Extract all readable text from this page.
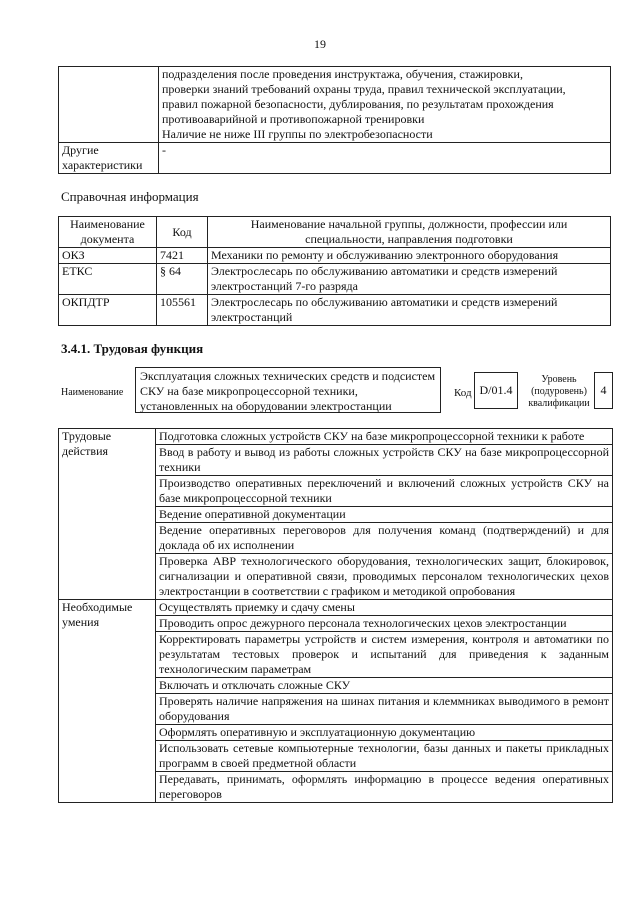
19

	подразделения после проведения инструктажа, обучения, стажировки,
проверки знаний требований охраны труда, правил технической эксплуатации,
правил пожарной безопасности, дублирования, по результатам прохождения
противоаварийной и противопожарной тренировки
Наличие не ниже III группы по электробезопасности

Другие характеристики	-
Справочная информация
Наименование документа	Код	Наименование начальной группы, должности, профессии или специальности, направления подготовки
ОКЗ	7421	Механики по ремонту и обслуживанию электронного оборудования
ЕТКС	§ 64	Электрослесарь по обслуживанию автоматики и средств измерений электростанций 7-го разряда
ОКПДТР	105561	Электрослесарь по обслуживанию автоматики и средств измерений электростанций
3.4.1. Трудовая функция
Наименование
Эксплуатация сложных технических средств и подсистем СКУ на базе микропроцессорной техники, установленных на оборудовании электростанции
Код D/01.4
Уровень (подуровень) квалификации
4
Трудовые действия	Подготовка сложных устройств СКУ на базе микропроцессорной техники к работе
	Ввод в работу и вывод из работы сложных устройств СКУ на базе микропроцессорной техники
	Производство оперативных переключений и включений сложных устройств СКУ на базе микропроцессорной техники
	Ведение оперативной документации
	Ведение оперативных переговоров для получения команд (подтверждений) и для доклада об их исполнении
	Проверка АВР технологического оборудования, технологических защит, блокировок, сигнализации и оперативной связи, проводимых персоналом технологических цехов электростанции в соответствии с графиком и методикой опробования
Необходимые умения	Осуществлять приемку и сдачу смены
	Проводить опрос дежурного персонала технологических цехов электростанции
	Корректировать параметры устройств и систем измерения, контроля и автоматики по результатам тестовых проверок и испытаний для приведения к заданным технологическим параметрам
	Включать и отключать сложные СКУ
	Проверять наличие напряжения на шинах питания и клеммниках выводимого в ремонт оборудования
	Оформлять оперативную и эксплуатационную документацию
	Использовать сетевые компьютерные технологии, базы данных и пакеты прикладных программ в своей предметной области
	Передавать, принимать, оформлять информацию в процессе ведения оперативных переговоров
